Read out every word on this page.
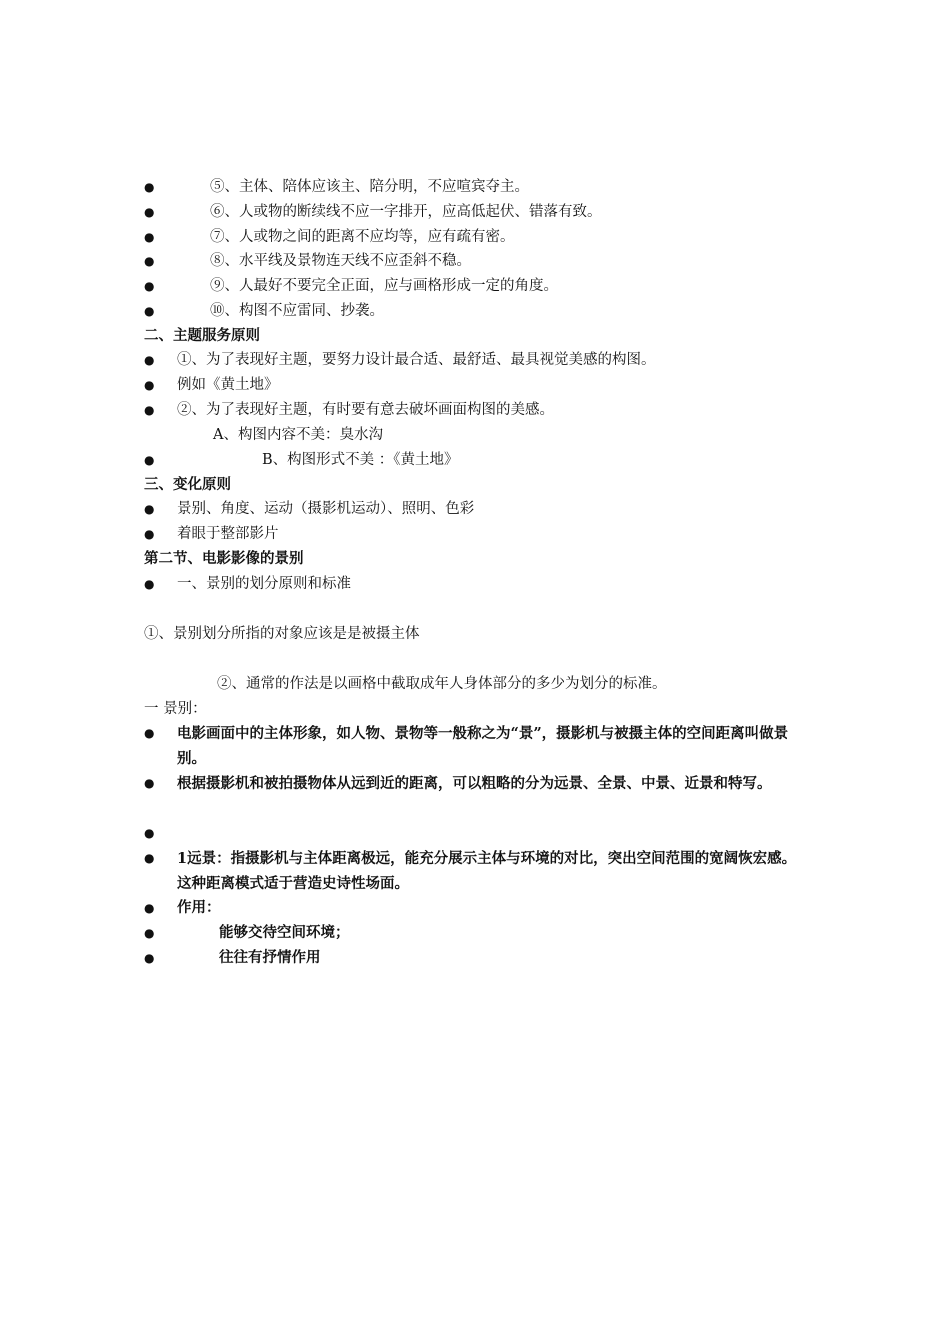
●	⑤、主体、陪体应该主、陪分明，不应喧宾夺主。
●	⑥、人或物的断续线不应一字排开，应高低起伏、错落有致。
●	⑦、人或物之间的距离不应均等，应有疏有密。
●	⑧、水平线及景物连天线不应歪斜不稳。
●	⑨、人最好不要完全正面，应与画格形成一定的角度。
●	⑩、构图不应雷同、抄袭。
二、主题服务原则
● ①、为了表现好主题，要努力设计最合适、最舒适、最具视觉美感的构图。
● 例如《黄土地》
● ②、为了表现好主题，有时要有意去破坏画面构图的美感。
A、构图内容不美：臭水沟
●	B、构图形式不美 ：《黄土地》
三、变化原则
● 景别、角度、运动（摄影机运动）、照明、色彩
● 着眼于整部影片
第二节、电影影像的景别
● 一、景别的划分原则和标准
①、景别划分所指的对象应该是是被摄主体
②、通常的作法是以画格中截取成年人身体部分的多少为划分的标准。
一 景别：
● 电影画面中的主体形象，如人物、景物等一般称之为“景”，摄影机与被摄主体的空间距离叫做景别。
● 根据摄影机和被拍摄物体从远到近的距离，可以粗略的分为远景、全景、中景、近景和特写。
●
● 1远景：指摄影机与主体距离极远，能充分展示主体与环境的对比，突出空间范围的宽阔恢宏感。这种距离模式适于营造史诗性场面。
● 作用：
●	能够交待空间环境；
●	往往有抒情作用
